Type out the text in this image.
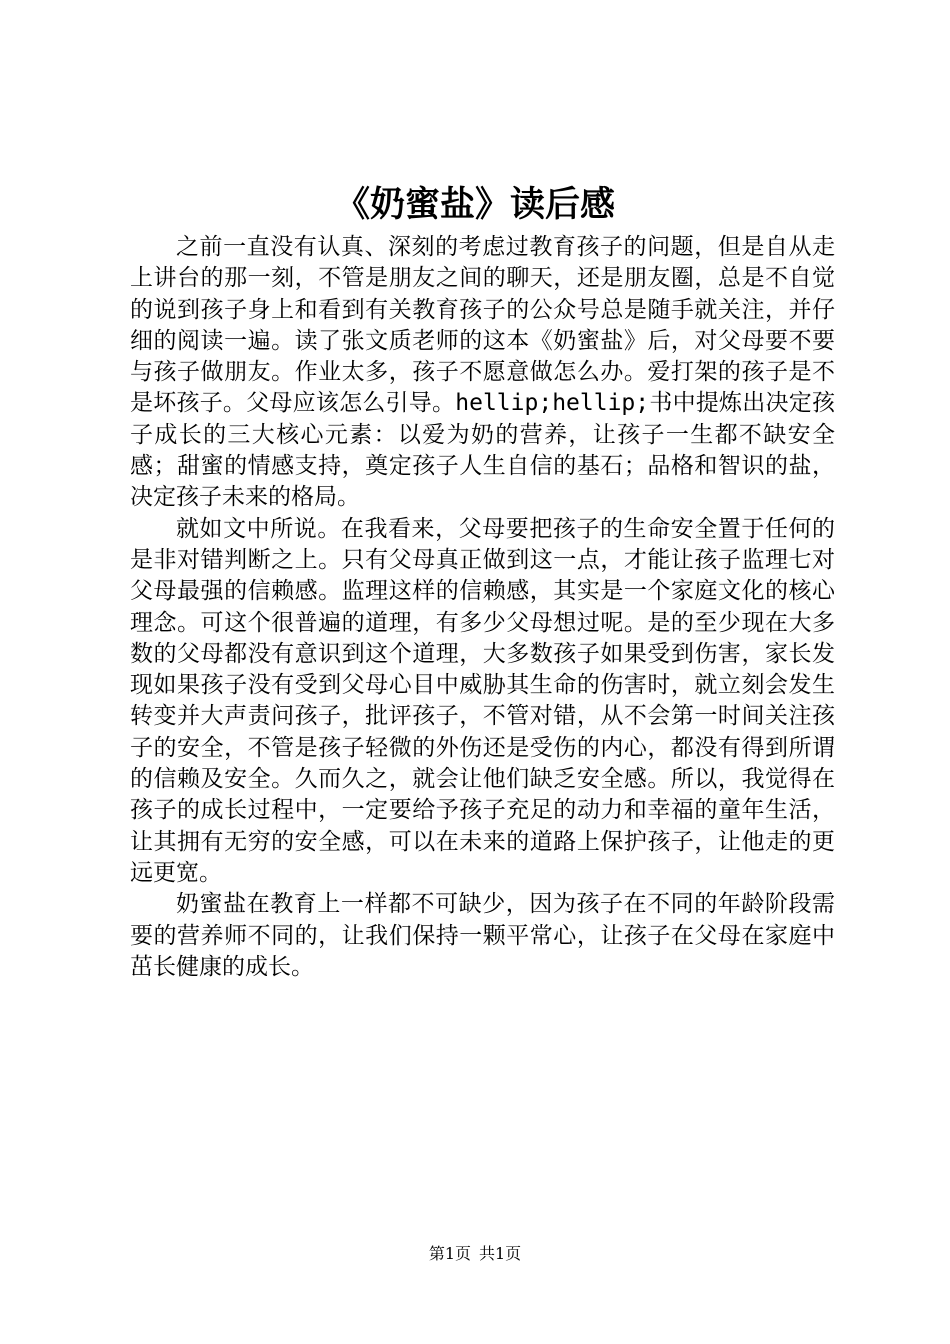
《奶蜜盐》读后感

之前一直没有认真、深刻的考虑过教育孩子的问题，但是自从走上讲台的那一刻，不管是朋友之间的聊天，还是朋友圈，总是不自觉的说到孩子身上和看到有关教育孩子的公众号总是随手就关注，并仔细的阅读一遍。读了张文质老师的这本《奶蜜盐》后，对父母要不要与孩子做朋友。作业太多，孩子不愿意做怎么办。爱打架的孩子是不是坏孩子。父母应该怎么引导。hellip;hellip;书中提炼出决定孩子成长的三大核心元素：以爱为奶的营养，让孩子一生都不缺安全感；甜蜜的情感支持，奠定孩子人生自信的基石；品格和智识的盐，决定孩子未来的格局。

就如文中所说。在我看来，父母要把孩子的生命安全置于任何的是非对错判断之上。只有父母真正做到这一点，才能让孩子监理七对父母最强的信赖感。监理这样的信赖感，其实是一个家庭文化的核心理念。可这个很普遍的道理，有多少父母想过呢。是的至少现在大多数的父母都没有意识到这个道理，大多数孩子如果受到伤害，家长发现如果孩子没有受到父母心目中威胁其生命的伤害时，就立刻会发生转变并大声责问孩子，批评孩子，不管对错，从不会第一时间关注孩子的安全，不管是孩子轻微的外伤还是受伤的内心，都没有得到所谓的信赖及安全。久而久之，就会让他们缺乏安全感。所以，我觉得在孩子的成长过程中，一定要给予孩子充足的动力和幸福的童年生活，让其拥有无穷的安全感，可以在未来的道路上保护孩子，让他走的更远更宽。

奶蜜盐在教育上一样都不可缺少，因为孩子在不同的年龄阶段需要的营养师不同的，让我们保持一颗平常心，让孩子在父母在家庭中茁长健康的成长。

第1页 共1页
